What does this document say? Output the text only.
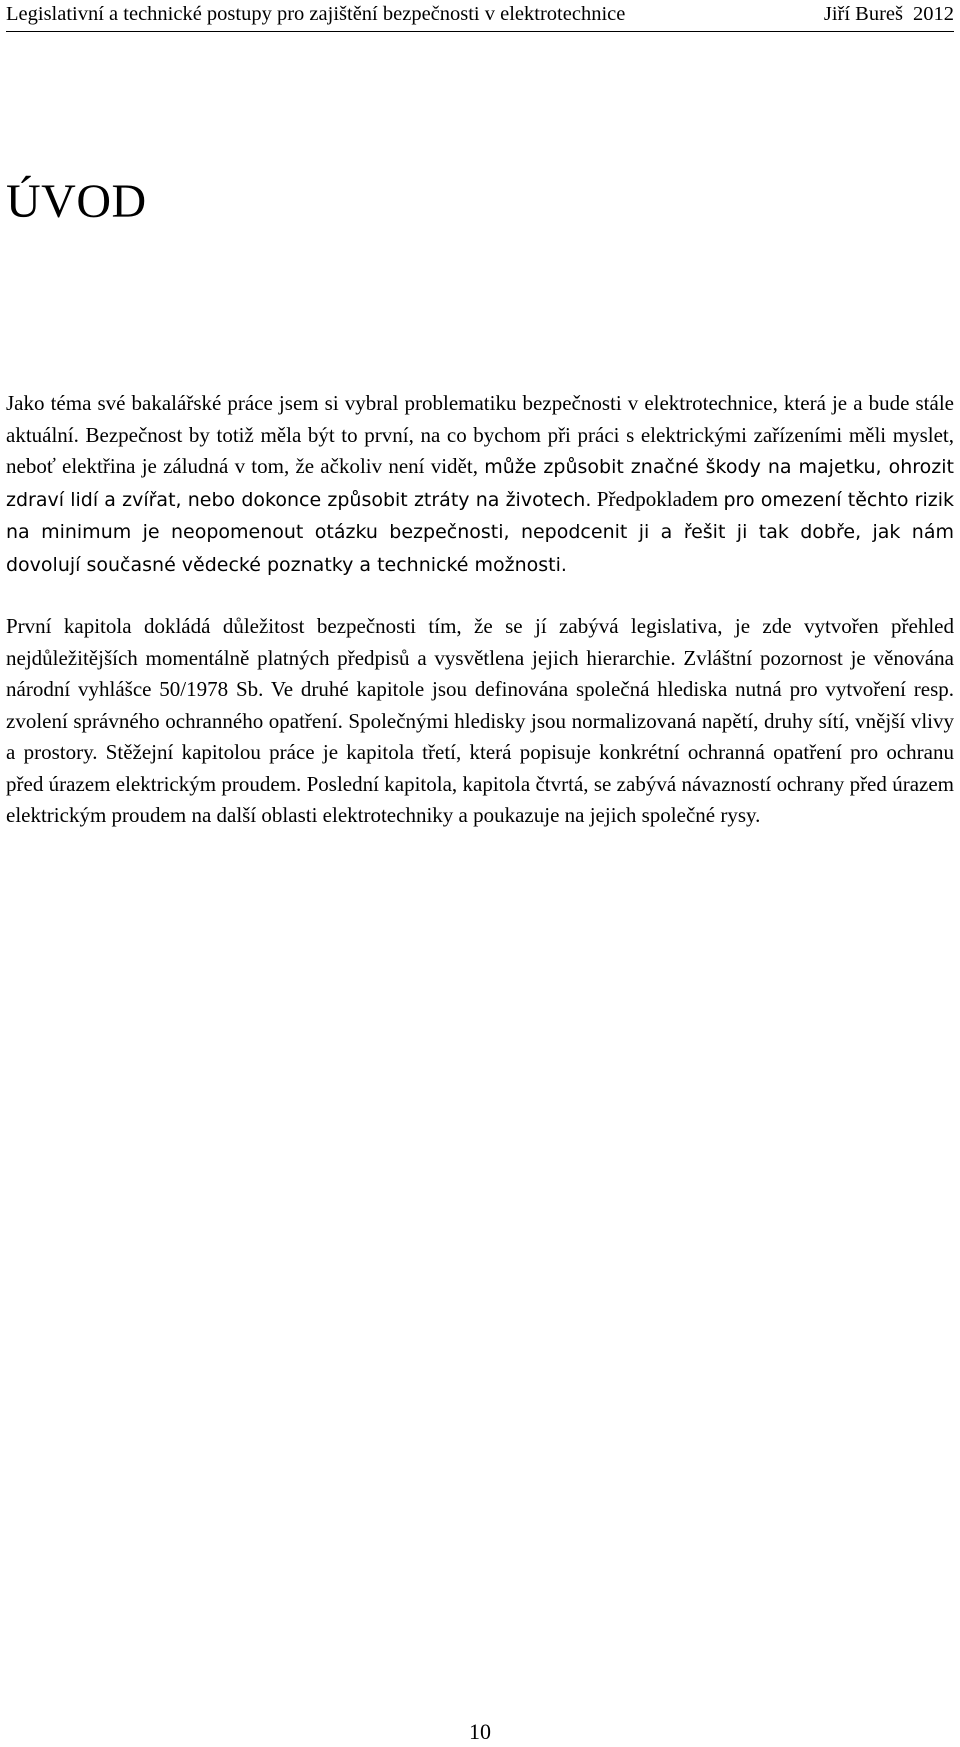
Legislativní a technické postupy pro zajištění bezpečnosti v elektrotechnice	Jiří Bureš 2012
ÚVOD

Jako téma své bakalářské práce jsem si vybral problematiku bezpečnosti v elektrotechnice, která je a bude stále aktuální. Bezpečnost by totiž měla být to první, na co bychom při práci s elektrickými zařízeními měli myslet, neboť elektřina je záludná v tom, že ačkoliv není vidět, může způsobit značné škody na majetku, ohrozit zdraví lidí a zvířat, nebo dokonce způsobit ztráty na životech. Předpokladem pro omezení těchto rizik na minimum je neopomenout otázku bezpečnosti, nepodcenit ji a řešit ji tak dobře, jak nám dovolují současné vědecké poznatky a technické možnosti.

První kapitola dokládá důležitost bezpečnosti tím, že se jí zabývá legislativa, je zde vytvořen přehled nejdůležitějších momentálně platných předpisů a vysvětlena jejich hierarchie. Zvláštní pozornost je věnována národní vyhlášce 50/1978 Sb. Ve druhé kapitole jsou definována společná hlediska nutná pro vytvoření resp. zvolení správného ochranného opatření. Společnými hledisky jsou normalizovaná napětí, druhy sítí, vnější vlivy a prostory. Stěžejní kapitolou práce je kapitola třetí, která popisuje konkrétní ochranná opatření pro ochranu před úrazem elektrickým proudem. Poslední kapitola, kapitola čtvrtá, se zabývá návazností ochrany před úrazem elektrickým proudem na další oblasti elektrotechniky a poukazuje na jejich společné rysy.

10
